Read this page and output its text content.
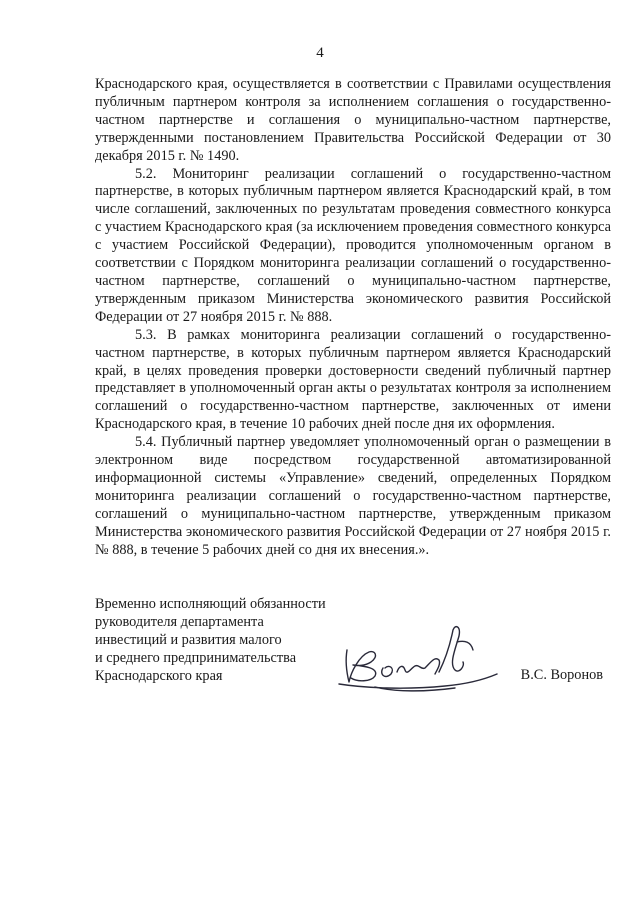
4

Краснодарского края, осуществляется в соответствии с Правилами осуществления публичным партнером контроля за исполнением соглашения о государственно-частном партнерстве и соглашения о муниципально-частном партнерстве, утвержденными постановлением Правительства Российской Федерации от 30 декабря 2015 г. № 1490.

5.2. Мониторинг реализации соглашений о государственно-частном партнерстве, в которых публичным партнером является Краснодарский край, в том числе соглашений, заключенных по результатам проведения совместного конкурса с участием Краснодарского края (за исключением проведения совместного конкурса с участием Российской Федерации), проводится уполномоченным органом в соответствии с Порядком мониторинга реализации соглашений о государственно-частном партнерстве, соглашений о муниципально-частном партнерстве, утвержденным приказом Министерства экономического развития Российской Федерации от 27 ноября 2015 г. № 888.

5.3. В рамках мониторинга реализации соглашений о государственно-частном партнерстве, в которых публичным партнером является Краснодарский край, в целях проведения проверки достоверности сведений публичный партнер представляет в уполномоченный орган акты о результатах контроля за исполнением соглашений о государственно-частном партнерстве, заключенных от имени Краснодарского края, в течение 10 рабочих дней после дня их оформления.

5.4. Публичный партнер уведомляет уполномоченный орган о размещении в электронном виде посредством государственной автоматизированной информационной системы «Управление» сведений, определенных Порядком мониторинга реализации соглашений о государственно-частном партнерстве, соглашений о муниципально-частном партнерстве, утвержденным приказом Министерства экономического развития Российской Федерации от 27 ноября 2015 г. № 888, в течение 5 рабочих дней со дня их внесения.».

Временно исполняющий обязанности
руководителя департамента
инвестиций и развития малого
и среднего предпринимательства
Краснодарского края	В.С. Воронов
